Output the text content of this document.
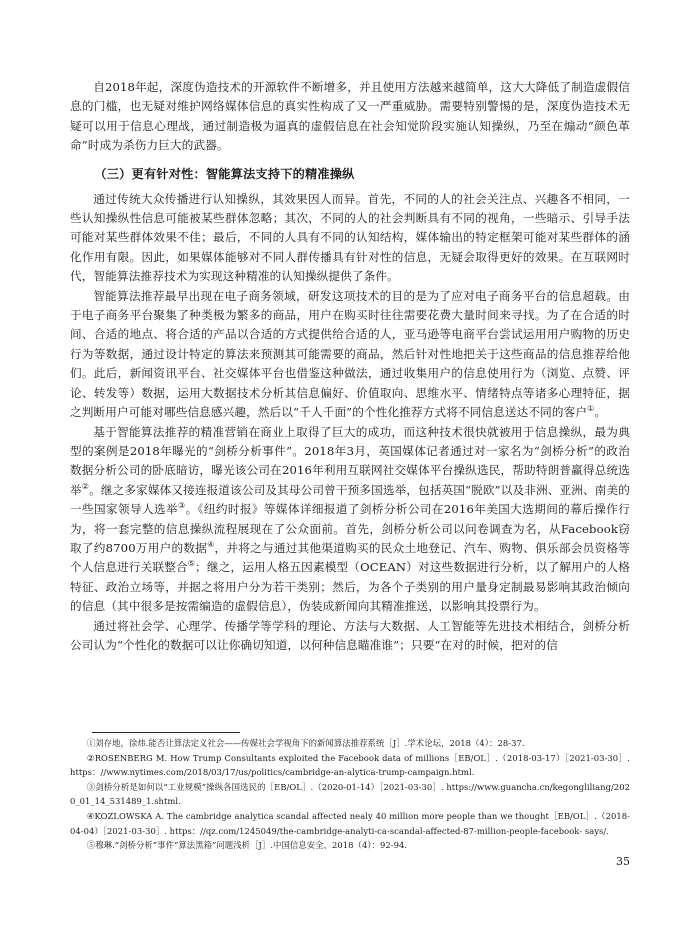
自2018年起，深度伪造技术的开源软件不断增多，并且使用方法越来越简单，这大大降低了制造虚假信息的门槛，也无疑对维护网络媒体信息的真实性构成了又一严重威胁。需要特别警惕的是，深度伪造技术无疑可以用于信息心理战，通过制造极为逼真的虚假信息在社会知觉阶段实施认知操纵，乃至在煽动“颜色革命”时成为杀伤力巨大的武器。

（三）更有针对性：智能算法支持下的精准操纵

通过传统大众传播进行认知操纵，其效果因人而异。首先，不同的人的社会关注点、兴趣各不相同，一些认知操纵性信息可能被某些群体忽略；其次，不同的人的社会判断具有不同的视角，一些暗示、引导手法可能对某些群体效果不佳；最后，不同的人具有不同的认知结构，媒体输出的特定框架可能对某些群体的涵化作用有限。因此，如果媒体能够对不同人群传播具有针对性的信息，无疑会取得更好的效果。在互联网时代，智能算法推荐技术为实现这种精准的认知操纵提供了条件。

智能算法推荐最早出现在电子商务领域，研发这项技术的目的是为了应对电子商务平台的信息超载。由于电子商务平台聚集了种类极为繁多的商品，用户在购买时往往需要花费大量时间来寻找。为了在合适的时间、合适的地点、将合适的产品以合适的方式提供给合适的人，亚马逊等电商平台尝试运用用户购物的历史行为等数据，通过设计特定的算法来预测其可能需要的商品，然后针对性地把关于这些商品的信息推荐给他们。此后，新闻资讯平台、社交媒体平台也借鉴这种做法，通过收集用户的信息使用行为（浏览、点赞、评论、转发等）数据，运用大数据技术分析其信息偏好、价值取向、思维水平、情绪特点等诸多心理特征，据之判断用户可能对哪些信息感兴趣，然后以“千人千面”的个性化推荐方式将不同信息送达不同的客户①。

基于智能算法推荐的精准营销在商业上取得了巨大的成功，而这种技术很快就被用于信息操纵，最为典型的案例是2018年曝光的“剑桥分析事件”。2018年3月，英国媒体记者通过对一家名为“剑桥分析”的政治数据分析公司的卧底暗访，曝光该公司在2016年利用互联网社交媒体平台操纵选民，帮助特朗普赢得总统选举②。继之多家媒体又接连报道该公司及其母公司曾干预多国选举，包括英国“脱欧”以及非洲、亚洲、南美的一些国家领导人选举③。《纽约时报》等媒体详细报道了剑桥分析公司在2016年美国大选期间的幕后操作行为，将一套完整的信息操纵流程展现在了公众面前。首先，剑桥分析公司以问卷调查为名，从Facebook窃取了约8700万用户的数据④，并将之与通过其他渠道购买的民众土地登记、汽车、购物、俱乐部会员资格等个人信息进行关联整合⑤；继之，运用人格五因素模型（OCEAN）对这些数据进行分析，以了解用户的人格特征、政治立场等，并据之将用户分为若干类别；然后，为各个子类别的用户量身定制最易影响其政治倾向的信息（其中很多是按需编造的虚假信息），伪装成新闻向其精准推送，以影响其投票行为。

通过将社会学、心理学、传播学等学科的理论、方法与大数据、人工智能等先进技术相结合，剑桥分析公司认为“个性化的数据可以让你确切知道，以何种信息瞄准谁”；只要“在对的时候，把对的信

①刘存地，徐炜.能否让算法定义社会——传媒社会学视角下的新闻算法推荐系统［J］.学术论坛，2018（4）：28-37.

②ROSENBERG M. How Trump Consultants exploited the Facebook data of millions［EB/OL］.（2018-03-17）［2021-03-30］. https：//www.nytimes.com/2018/03/17/us/politics/cambridge-an-alytica-trump-campaign.html.

③剑桥分析是如何以“工业规模”操纵各国选民的［EB/OL］.（2020-01-14）［2021-03-30］. https://www.guancha.cn/kegongliliang/2020_01_14_531489_1.shtml.

④KOZLOWSKA A. The cambridge analytica scandal affected nealy 40 million more people than we thought［EB/OL］.（2018-04-04）［2021-03-30］. https：//qz.com/1245049/the-cambridge-analyti-ca-scandal-affected-87-million-people-facebook- says/.

⑤穆琳.“剑桥分析”事件“算法黑箱”问题浅析［J］.中国信息安全，2018（4）：92-94.

35
